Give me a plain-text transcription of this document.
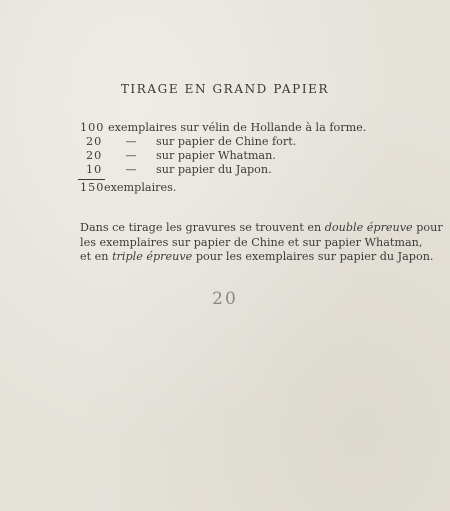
TIRAGE EN GRAND PAPIER
100 exemplaires sur vélin de Hollande à la forme.
20 — sur papier de Chine fort.
20 — sur papier Whatman.
10 — sur papier du Japon.
150exemplaires.
Dans ce tirage les gravures se trouvent en double épreuve pour
les exemplaires sur papier de Chine et sur papier Whatman,
et en triple épreuve pour les exemplaires sur papier du Japon.
20
